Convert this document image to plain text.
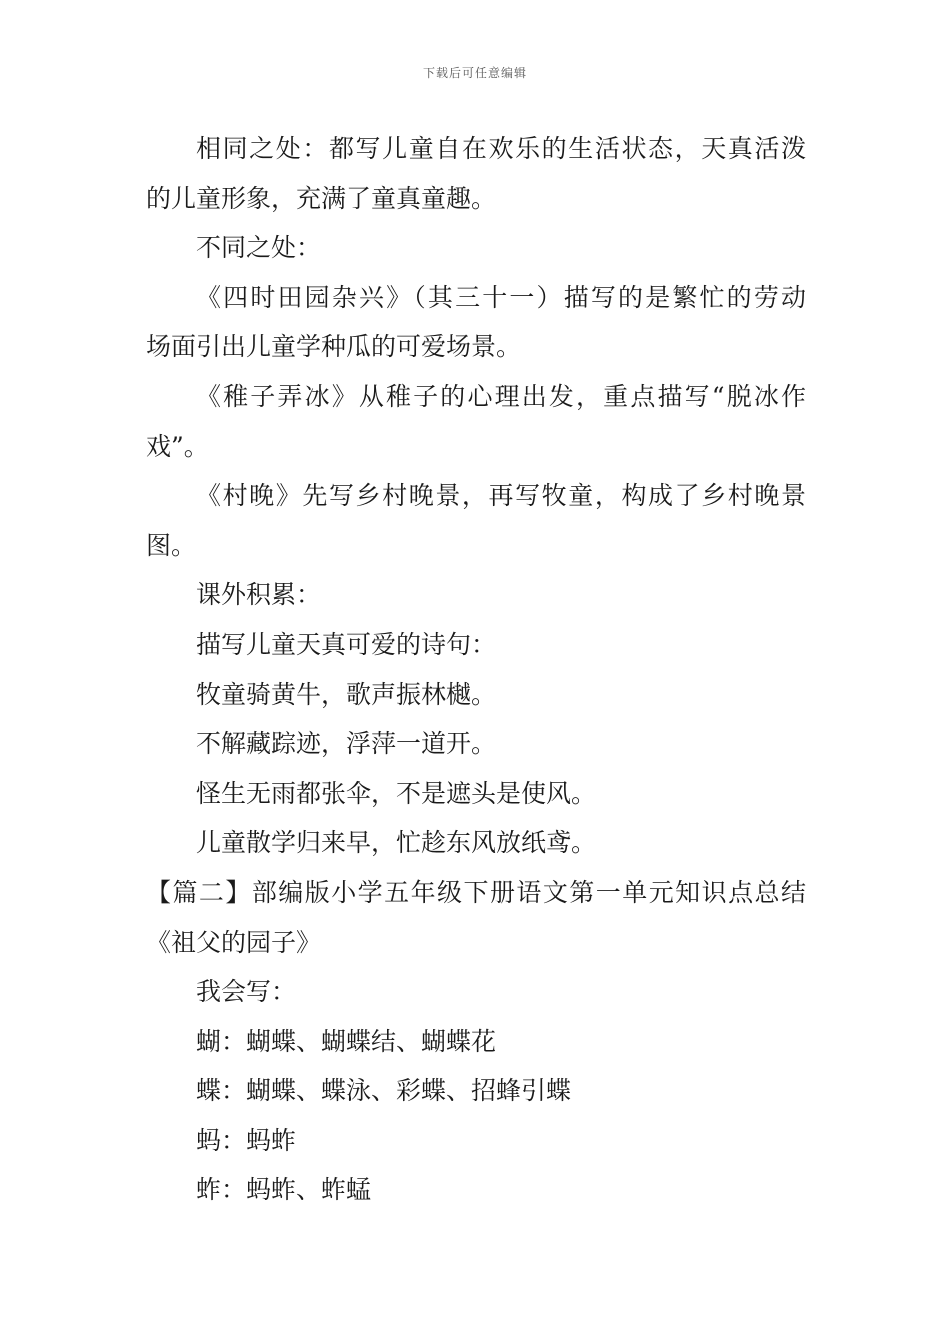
下载后可任意编辑
相同之处：都写儿童自在欢乐的生活状态，天真活泼
的儿童形象，充满了童真童趣。
不同之处：
《四时田园杂兴》（其三十一）描写的是繁忙的劳动
场面引出儿童学种瓜的可爱场景。
《稚子弄冰》从稚子的心理出发，重点描写“脱冰作
戏”。
《村晚》先写乡村晚景，再写牧童，构成了乡村晚景
图。
课外积累：
描写儿童天真可爱的诗句：
牧童骑黄牛，歌声振林樾。
不解藏踪迹，浮萍一道开。
怪生无雨都张伞，不是遮头是使风。
儿童散学归来早，忙趁东风放纸鸢。
【篇二】部编版小学五年级下册语文第一单元知识点总结
《祖父的园子》
我会写：
蝴：蝴蝶、蝴蝶结、蝴蝶花
蝶：蝴蝶、蝶泳、彩蝶、招蜂引蝶
蚂：蚂蚱
蚱：蚂蚱、蚱蜢
